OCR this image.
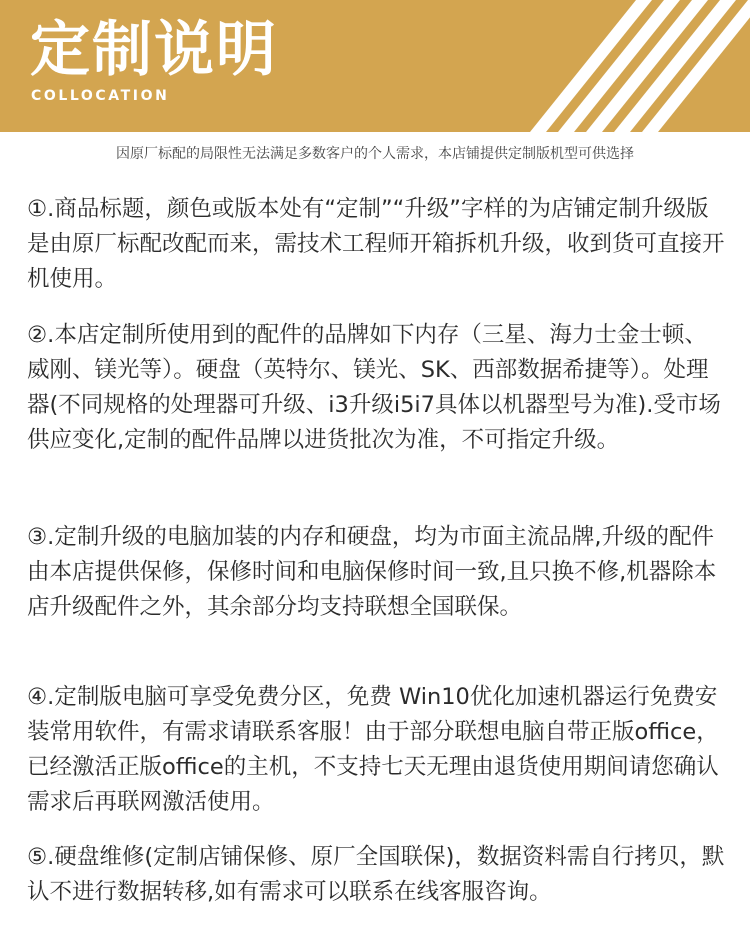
定制说明
COLLOCATION
因原厂标配的局限性无法满足多数客户的个人需求，本店铺提供定制版机型可供选择

①.商品标题，颜色或版本处有“定制”“升级”字样的为店铺定制升级版是由原厂标配改配而来，需技术工程师开箱拆机升级，收到货可直接开机使用。

②.本店定制所使用到的配件的品牌如下内存（三星、海力士金士顿、威刚、镁光等）。硬盘（英特尔、镁光、SK、西部数据希捷等）。处理器(不同规格的处理器可升级、i3升级i5i7具体以机器型号为准).受市场供应变化,定制的配件品牌以进货批次为准，不可指定升级。

③.定制升级的电脑加装的内存和硬盘，均为市面主流品牌,升级的配件由本店提供保修，保修时间和电脑保修时间一致,且只换不修,机器除本店升级配件之外，其余部分均支持联想全国联保。

④.定制版电脑可享受免费分区，免费 Win10优化加速机器运行免费安装常用软件，有需求请联系客服！由于部分联想电脑自带正版office，已经激活正版office的主机，不支持七天无理由退货使用期间请您确认需求后再联网激活使用。

⑤.硬盘维修(定制店铺保修、原厂全国联保)，数据资料需自行拷贝，默认不进行数据转移,如有需求可以联系在线客服咨询。
